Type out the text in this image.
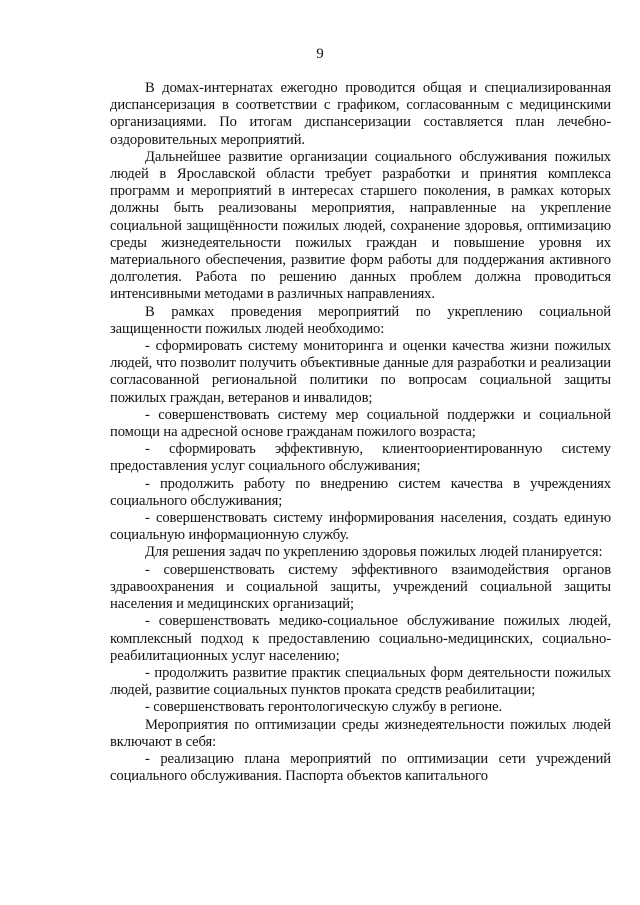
9

В домах-интернатах ежегодно проводится общая и специализированная диспансеризация в соответствии с графиком, согласованным с медицинскими организациями. По итогам диспансеризации составляется план лечебно-оздоровительных мероприятий.

Дальнейшее развитие организации социального обслуживания пожилых людей в Ярославской области требует разработки и принятия комплекса программ и мероприятий в интересах старшего поколения, в рамках которых должны быть реализованы мероприятия, направленные на укрепление социальной защищённости пожилых людей, сохранение здоровья, оптимизацию среды жизнедеятельности пожилых граждан и повышение уровня их материального обеспечения, развитие форм работы для поддержания активного долголетия. Работа по решению данных проблем должна проводиться интенсивными методами в различных направлениях.

В рамках проведения мероприятий по укреплению социальной защищенности пожилых людей необходимо:

- сформировать систему мониторинга и оценки качества жизни пожилых людей, что позволит получить объективные данные для разработки и реализации согласованной региональной политики по вопросам социальной защиты пожилых граждан, ветеранов и инвалидов;

- совершенствовать систему мер социальной поддержки и социальной помощи на адресной основе гражданам пожилого возраста;

- сформировать эффективную, клиентоориентированную систему предоставления услуг социального обслуживания;

- продолжить работу по внедрению систем качества в учреждениях социального обслуживания;

- совершенствовать систему информирования населения, создать единую социальную информационную службу.

Для решения задач по укреплению здоровья пожилых людей планируется:

- совершенствовать систему эффективного взаимодействия органов здравоохранения и социальной защиты, учреждений социальной защиты населения и медицинских организаций;

- совершенствовать медико-социальное обслуживание пожилых людей, комплексный подход к предоставлению социально-медицинских, социально-реабилитационных услуг населению;

- продолжить развитие практик специальных форм деятельности пожилых людей, развитие социальных пунктов проката средств реабилитации;

- совершенствовать геронтологическую службу в регионе.

Мероприятия по оптимизации среды жизнедеятельности пожилых людей включают в себя:

- реализацию плана мероприятий по оптимизации сети учреждений социального обслуживания. Паспорта объектов капитального
